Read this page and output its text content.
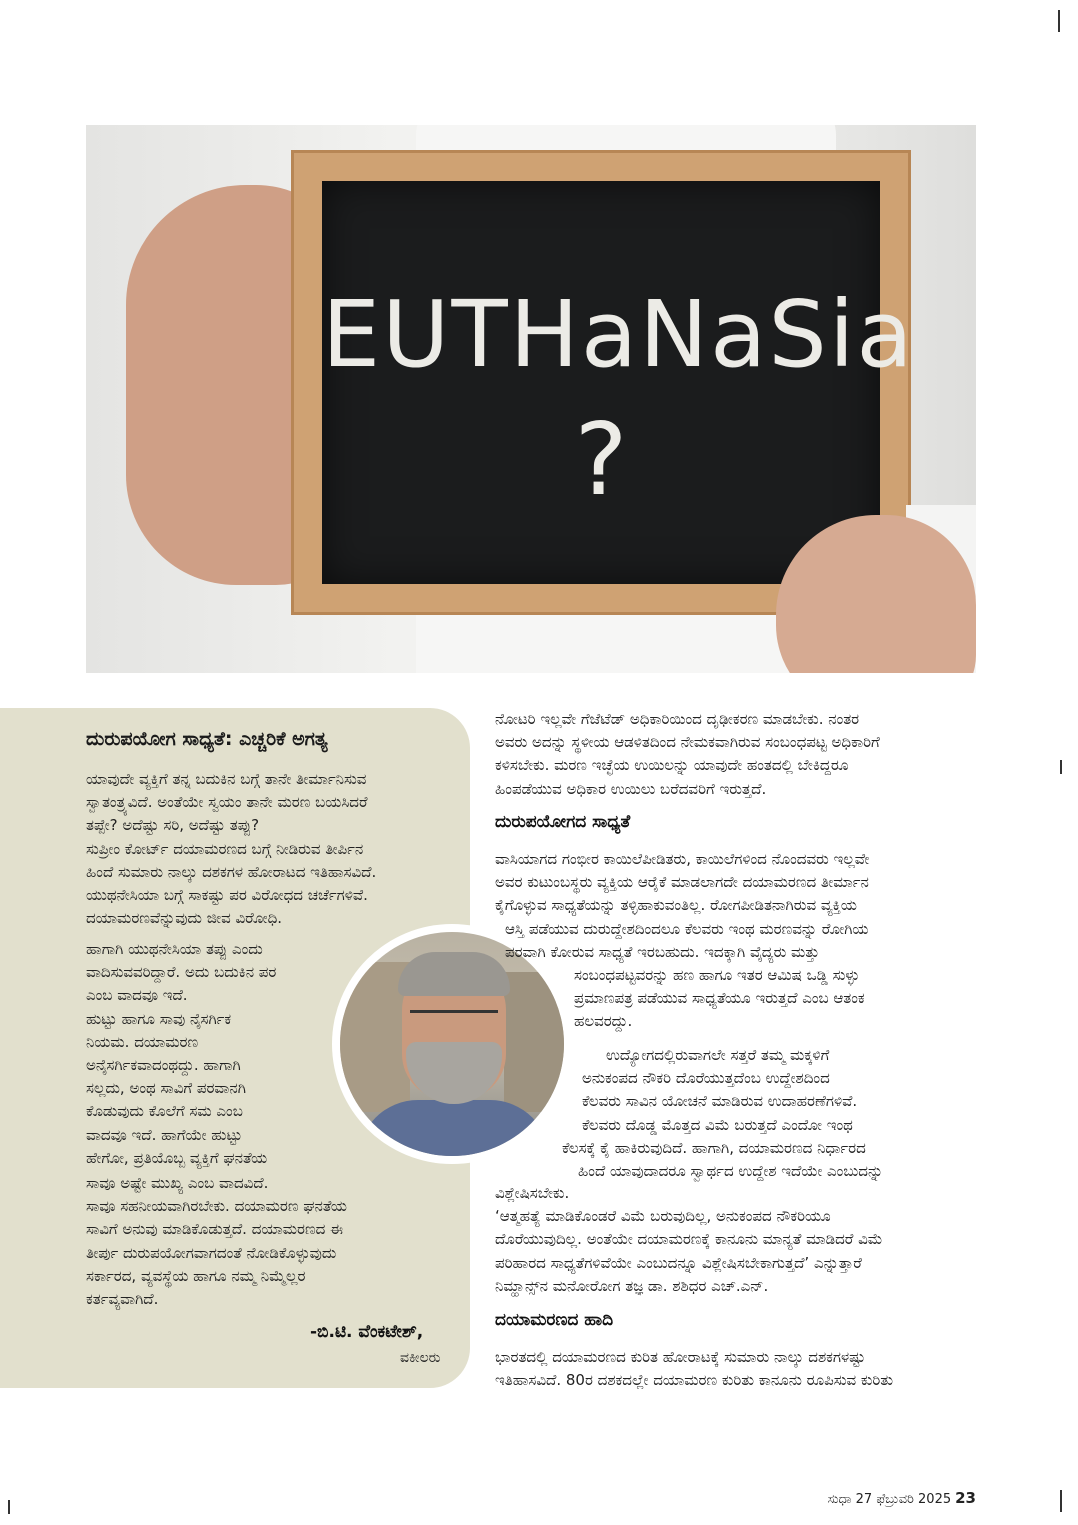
EUTHaNaSia
?
ದುರುಪಯೋಗ ಸಾಧ್ಯತೆ: ಎಚ್ಚರಿಕೆ ಅಗತ್ಯ
ಯಾವುದೇ ವ್ಯಕ್ತಿಗೆ ತನ್ನ ಬದುಕಿನ ಬಗ್ಗೆ ತಾನೇ ತೀರ್ಮಾನಿಸುವ
ಸ್ವಾತಂತ್ರ್ಯವಿದೆ. ಅಂತೆಯೇ ಸ್ವಯಂ ತಾನೇ ಮರಣ ಬಯಸಿದರೆ
ತಪ್ಪೇ? ಅದೆಷ್ಟು ಸರಿ, ಅದೆಷ್ಟು ತಪ್ಪು?
ಸುಪ್ರೀಂ ಕೋರ್ಟ್ ದಯಾಮರಣದ ಬಗ್ಗೆ ನೀಡಿರುವ ತೀರ್ಪಿನ
ಹಿಂದೆ ಸುಮಾರು ನಾಲ್ಕು ದಶಕಗಳ ಹೋರಾಟದ ಇತಿಹಾಸವಿದೆ.
ಯುಥನೇಸಿಯಾ ಬಗ್ಗೆ ಸಾಕಷ್ಟು ಪರ ವಿರೋಧದ ಚರ್ಚೆಗಳಿವೆ.
ದಯಾಮರಣವೆನ್ನುವುದು ಜೀವ ವಿರೋಧಿ.
ಹಾಗಾಗಿ ಯುಥನೇಸಿಯಾ ತಪ್ಪು ಎಂದು
ವಾದಿಸುವವರಿದ್ದಾರೆ. ಅದು ಬದುಕಿನ ಪರ
ಎಂಬ ವಾದವೂ ಇದೆ.
ಹುಟ್ಟು ಹಾಗೂ ಸಾವು ನೈಸರ್ಗಿಕ
ನಿಯಮ. ದಯಾಮರಣ
ಅನೈಸರ್ಗಿಕವಾದಂಥದ್ದು. ಹಾಗಾಗಿ
ಸಲ್ಲದು, ಅಂಥ ಸಾವಿಗೆ ಪರವಾನಗಿ
ಕೊಡುವುದು ಕೊಲೆಗೆ ಸಮ ಎಂಬ
ವಾದವೂ ಇದೆ. ಹಾಗೆಯೇ ಹುಟ್ಟು
ಹೇಗೋ, ಪ್ರತಿಯೊಬ್ಬ ವ್ಯಕ್ತಿಗೆ ಘನತೆಯ
ಸಾವೂ ಅಷ್ಟೇ ಮುಖ್ಯ ಎಂಬ ವಾದವಿದೆ.
ಸಾವೂ ಸಹನೀಯವಾಗಿರಬೇಕು. ದಯಾಮರಣ ಘನತೆಯ
ಸಾವಿಗೆ ಅನುವು ಮಾಡಿಕೊಡುತ್ತದೆ. ದಯಾಮರಣದ ಈ
ತೀರ್ಪು ದುರುಪಯೋಗವಾಗದಂತೆ ನೋಡಿಕೊಳ್ಳುವುದು
ಸರ್ಕಾರದ, ವ್ಯವಸ್ಥೆಯ ಹಾಗೂ ನಮ್ಮ ನಿಮ್ಮೆಲ್ಲರ
ಕರ್ತವ್ಯವಾಗಿದೆ.
-ಬಿ.ಟಿ. ವೆಂಕಟೇಶ್,
ವಕೀಲರು

ನೋಟರಿ ಇಲ್ಲವೇ ಗೆಜೆಟೆಡ್ ಅಧಿಕಾರಿಯಿಂದ ದೃಢೀಕರಣ ಮಾಡಬೇಕು. ನಂತರ

ಅವರು ಅದನ್ನು ಸ್ಥಳೀಯ ಆಡಳಿತದಿಂದ ನೇಮಕವಾಗಿರುವ ಸಂಬಂಧಪಟ್ಟ ಅಧಿಕಾರಿಗೆ

ಕಳಿಸಬೇಕು. ಮರಣ ಇಚ್ಛೆಯ ಉಯಿಲನ್ನು ಯಾವುದೇ ಹಂತದಲ್ಲಿ ಬೇಕಿದ್ದರೂ

ಹಿಂಪಡೆಯುವ ಅಧಿಕಾರ ಉಯಿಲು ಬರೆದವರಿಗೆ ಇರುತ್ತದೆ.

ದುರುಪಯೋಗದ ಸಾಧ್ಯತೆ

ವಾಸಿಯಾಗದ ಗಂಭೀರ ಕಾಯಿಲೆಪೀಡಿತರು, ಕಾಯಿಲೆಗಳಿಂದ ನೊಂದವರು ಇಲ್ಲವೇ

ಅವರ ಕುಟುಂಬಸ್ಥರು ವ್ಯಕ್ತಿಯ ಆರೈಕೆ ಮಾಡಲಾಗದೇ ದಯಾಮರಣದ ತೀರ್ಮಾನ

ಕೈಗೊಳ್ಳುವ ಸಾಧ್ಯತೆಯನ್ನು ತಳ್ಳಿಹಾಕುವಂತಿಲ್ಲ. ರೋಗಪೀಡಿತನಾಗಿರುವ ವ್ಯಕ್ತಿಯ

ಆಸ್ತಿ ಪಡೆಯುವ ದುರುದ್ದೇಶದಿಂದಲೂ ಕೆಲವರು ಇಂಥ ಮರಣವನ್ನು ರೋಗಿಯ

ಪರವಾಗಿ ಕೋರುವ ಸಾಧ್ಯತೆ ಇರಬಹುದು. ಇದಕ್ಕಾಗಿ ವೈದ್ಯರು ಮತ್ತು

ಸಂಬಂಧಪಟ್ಟವರನ್ನು ಹಣ ಹಾಗೂ ಇತರ ಆಮಿಷ ಒಡ್ಡಿ ಸುಳ್ಳು

ಪ್ರಮಾಣಪತ್ರ ಪಡೆಯುವ ಸಾಧ್ಯತೆಯೂ ಇರುತ್ತದೆ ಎಂಬ ಆತಂಕ

ಹಲವರದ್ದು.

ಉದ್ಯೋಗದಲ್ಲಿರುವಾಗಲೇ ಸತ್ತರೆ ತಮ್ಮ ಮಕ್ಕಳಿಗೆ

ಅನುಕಂಪದ ನೌಕರಿ ದೊರೆಯುತ್ತದೆಂಬ ಉದ್ದೇಶದಿಂದ

ಕೆಲವರು ಸಾವಿನ ಯೋಚನೆ ಮಾಡಿರುವ ಉದಾಹರಣೆಗಳಿವೆ.

ಕೆಲವರು ದೊಡ್ಡ ಮೊತ್ತದ ವಿಮೆ ಬರುತ್ತದೆ ಎಂದೋ ಇಂಥ

ಕೆಲಸಕ್ಕೆ ಕೈ ಹಾಕಿರುವುದಿದೆ. ಹಾಗಾಗಿ, ದಯಾಮರಣದ ನಿರ್ಧಾರದ

ಹಿಂದೆ ಯಾವುದಾದರೂ ಸ್ವಾರ್ಥದ ಉದ್ದೇಶ ಇದೆಯೇ ಎಂಬುದನ್ನು

ವಿಶ್ಲೇಷಿಸಬೇಕು.

‘ಆತ್ಮಹತ್ಯೆ ಮಾಡಿಕೊಂಡರೆ ವಿಮೆ ಬರುವುದಿಲ್ಲ, ಅನುಕಂಪದ ನೌಕರಿಯೂ

ದೊರೆಯುವುದಿಲ್ಲ. ಅಂತೆಯೇ ದಯಾಮರಣಕ್ಕೆ ಕಾನೂನು ಮಾನ್ಯತೆ ಮಾಡಿದರೆ ವಿಮೆ

ಪರಿಹಾರದ ಸಾಧ್ಯತೆಗಳಿವೆಯೇ ಎಂಬುದನ್ನೂ ವಿಶ್ಲೇಷಿಸಬೇಕಾಗುತ್ತದೆ’ ಎನ್ನುತ್ತಾರೆ

ನಿಮ್ಹಾನ್ಸ್‌ನ ಮನೋರೋಗ ತಜ್ಞ ಡಾ. ಶಶಿಧರ ಎಚ್.ಎನ್.

ದಯಾಮರಣದ ಹಾದಿ

ಭಾರತದಲ್ಲಿ ದಯಾಮರಣದ ಕುರಿತ ಹೋರಾಟಕ್ಕೆ ಸುಮಾರು ನಾಲ್ಕು ದಶಕಗಳಷ್ಟು

ಇತಿಹಾಸವಿದೆ. 80ರ ದಶಕದಲ್ಲೇ ದಯಾಮರಣ ಕುರಿತು ಕಾನೂನು ರೂಪಿಸುವ ಕುರಿತು

ಸುಧಾ 27 ಫೆಬ್ರುವರಿ 2025 23
